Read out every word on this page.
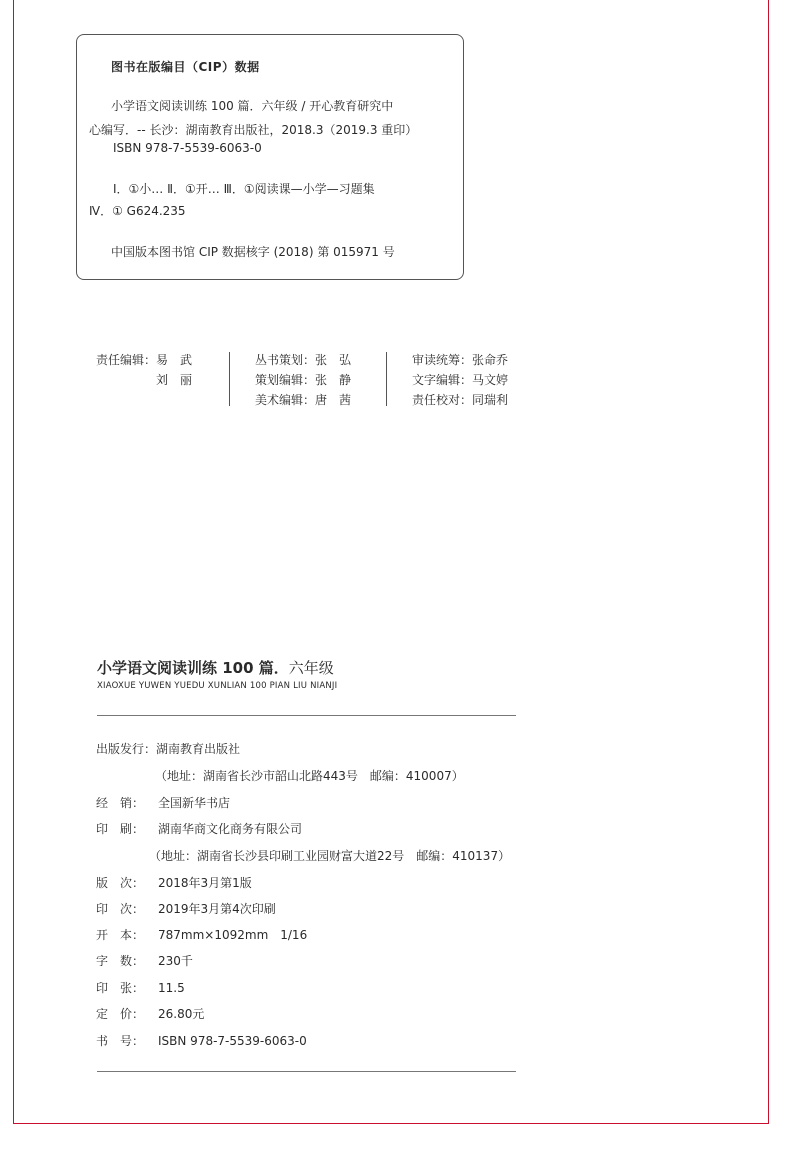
图书在版编目（CIP）数据
小学语文阅读训练 100 篇．六年级 / 开心教育研究中
心编写．-- 长沙：湖南教育出版社，2018.3（2019.3 重印）
ISBN 978-7-5539-6063-0
Ⅰ．①小… Ⅱ．①开… Ⅲ．①阅读课—小学—习题集
Ⅳ．① G624.235
中国版本图书馆 CIP 数据核字 (2018) 第 015971 号
责任编辑：易　武
　　　　　刘　丽
丛书策划：张　弘
策划编辑：张　静
美术编辑：唐　茜
审读统筹：张命乔
文字编辑：马文婷
责任校对：同瑞利
小学语文阅读训练 100 篇．六年级
XIAOXUE YUWEN YUEDU XUNLIAN 100 PIAN LIU NIANJI
出版发行：湖南教育出版社
（地址：湖南省长沙市韶山北路443号　邮编：410007）
经　销： 全国新华书店
印　刷： 湖南华商文化商务有限公司
（地址：湖南省长沙县印刷工业园财富大道22号　邮编：410137）
版　次： 2018年3月第1版
印　次： 2019年3月第4次印刷
开　本： 787mm×1092mm　1/16
字　数： 230千
印　张： 11.5
定　价： 26.80元
书　号： ISBN 978-7-5539-6063-0
